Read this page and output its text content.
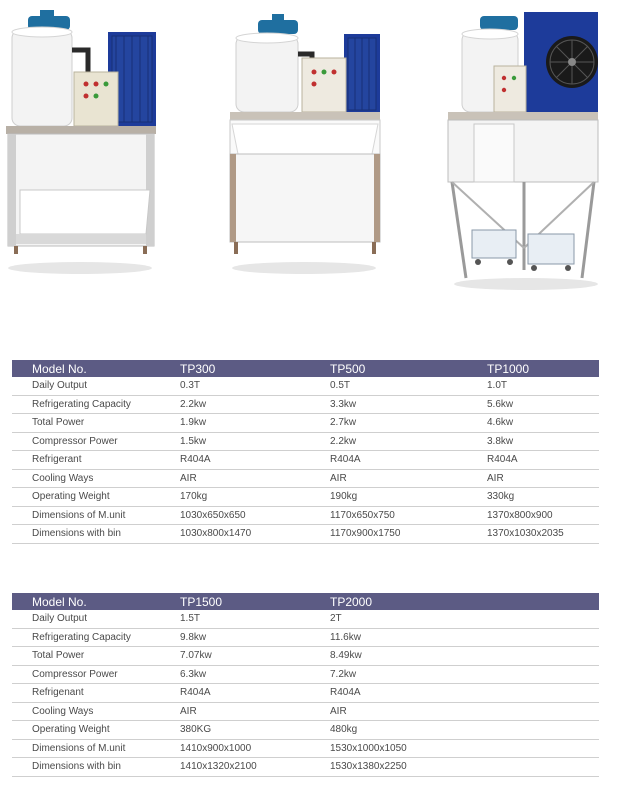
Model No.	TP300	TP500	TP1000
Daily Output	0.3T	0.5T	1.0T
Refrigerating Capacity	2.2kw	3.3kw	5.6kw
Total Power	1.9kw	2.7kw	4.6kw
Compressor Power	1.5kw	2.2kw	3.8kw
Refrigerant	R404A	R404A	R404A
Cooling Ways	AIR	AIR	AIR
Operating Weight	170kg	190kg	330kg
Dimensions of M.unit	1030x650x650	1170x650x750	1370x800x900
Dimensions with bin	1030x800x1470	1170x900x1750	1370x1030x2035
Model No.	TP1500	TP2000	
Daily Output	1.5T	2T	
Refrigerating Capacity	9.8kw	11.6kw	
Total Power	7.07kw	8.49kw	
Compressor Power	6.3kw	7.2kw	
Refrigenant	R404A	R404A	
Cooling Ways	AIR	AIR	
Operating Weight	380KG	480kg	
Dimensions of M.unit	1410x900x1000	1530x1000x1050	
Dimensions with bin	1410x1320x2100	1530x1380x2250	
